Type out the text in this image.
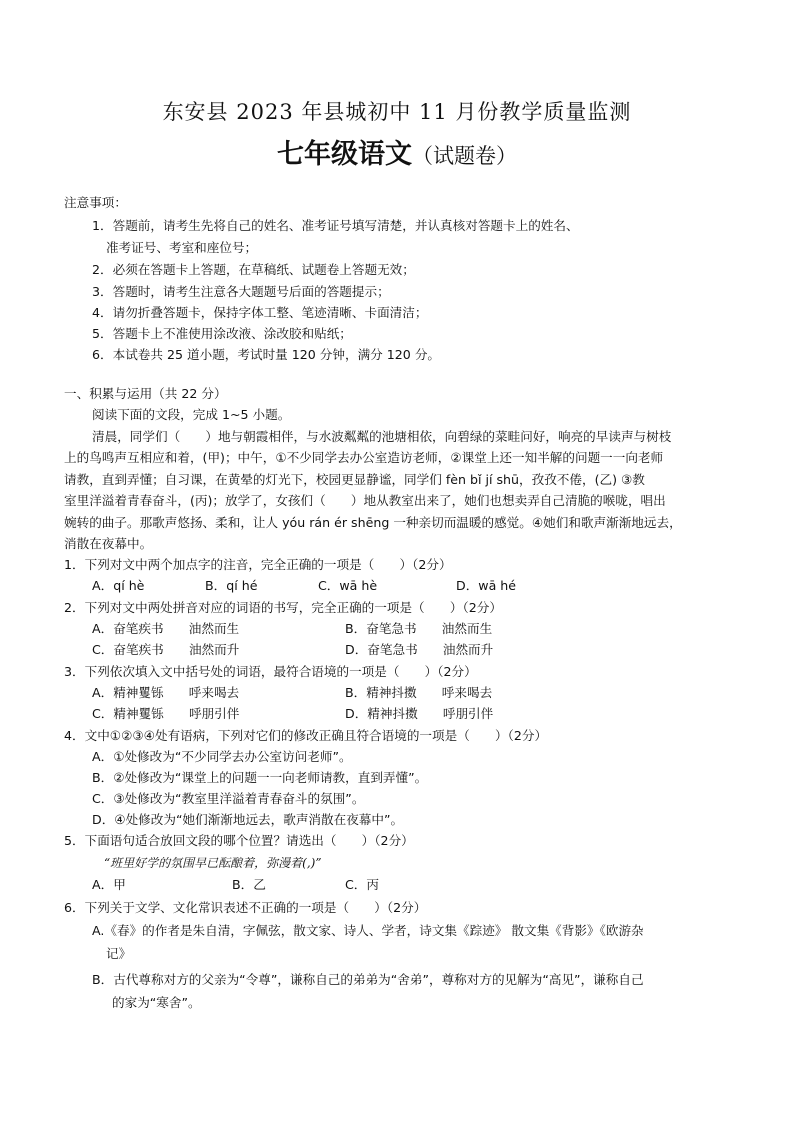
东安县 2023 年县城初中 11 月份教学质量监测
七年级语文（试题卷）
注意事项：
1．答题前，请考生先将自己的姓名、准考证号填写清楚，并认真核对答题卡上的姓名、
准考证号、考室和座位号；
2．必须在答题卡上答题，在草稿纸、试题卷上答题无效；
3．答题时，请考生注意各大题题号后面的答题提示；
4．请勿折叠答题卡，保持字体工整、笔迹清晰、卡面清洁；
5．答题卡上不准使用涂改液、涂改胶和贴纸；
6．本试卷共 25 道小题，考试时量 120 分钟，满分 120 分。
一、积累与运用（共 22 分）
阅读下面的文段，完成 1~5 小题。
清晨，同学们（　　）地与朝霞相伴，与水波粼粼的池塘相依，向碧绿的菜畦问好，响亮的早读声与树枝
上的鸟鸣声互相应和着，(甲)；中午，①不少同学去办公室造访老师，②课堂上还一知半解的问题一一向老师
请教，直到弄懂；自习课，在黄晕的灯光下，校园更显静谧，同学们 fèn bǐ jí shū，孜孜不倦，(乙) ③教
室里洋溢着青春奋斗，(丙)；放学了，女孩们（　　）地从教室出来了，她们也想卖弄自己清脆的喉咙，唱出
婉转的曲子。那歌声悠扬、柔和，让人 yóu rán ér shēng 一种亲切而温暖的感觉。④她们和歌声渐渐地远去，
消散在夜幕中。
1．下列对文中两个加点字的注音，完全正确的一项是（　　）（2分）
A．qí hè	B．qí hé	C．wā hè	D．wā hé
2．下列对文中两处拼音对应的词语的书写，完全正确的一项是（　　）（2分）
A．奋笔疾书　　油然而生	B．奋笔急书　　油然而生
C．奋笔疾书　　油然而升	D．奋笔急书　　油然而升
3．下列依次填入文中括号处的词语，最符合语境的一项是（　　）（2分）
A．精神矍铄　　呼来喝去	B．精神抖擞　　呼来喝去
C．精神矍铄　　呼朋引伴	D．精神抖擞　　呼朋引伴
4．文中①②③④处有语病，下列对它们的修改正确且符合语境的一项是（　　）（2分）
A．①处修改为“不少同学去办公室访问老师”。
B．②处修改为“课堂上的问题一一向老师请教，直到弄懂”。
C．③处修改为“教室里洋溢着青春奋斗的氛围”。
D．④处修改为“她们渐渐地远去，歌声消散在夜幕中”。
5．下面语句适合放回文段的哪个位置？请选出（　　）（2分）
“班里好学的氛围早已酝酿着，弥漫着(,)”
A．甲	B．乙	C．丙
6．下列关于文学、文化常识表述不正确的一项是（　　）（2分）
A.《春》的作者是朱自清，字佩弦，散文家、诗人、学者，诗文集《踪迹》 散文集《背影》《欧游杂
记》
B．古代尊称对方的父亲为“令尊”，谦称自己的弟弟为“舍弟”，尊称对方的见解为“高见”，谦称自己
的家为“寒舍”。
